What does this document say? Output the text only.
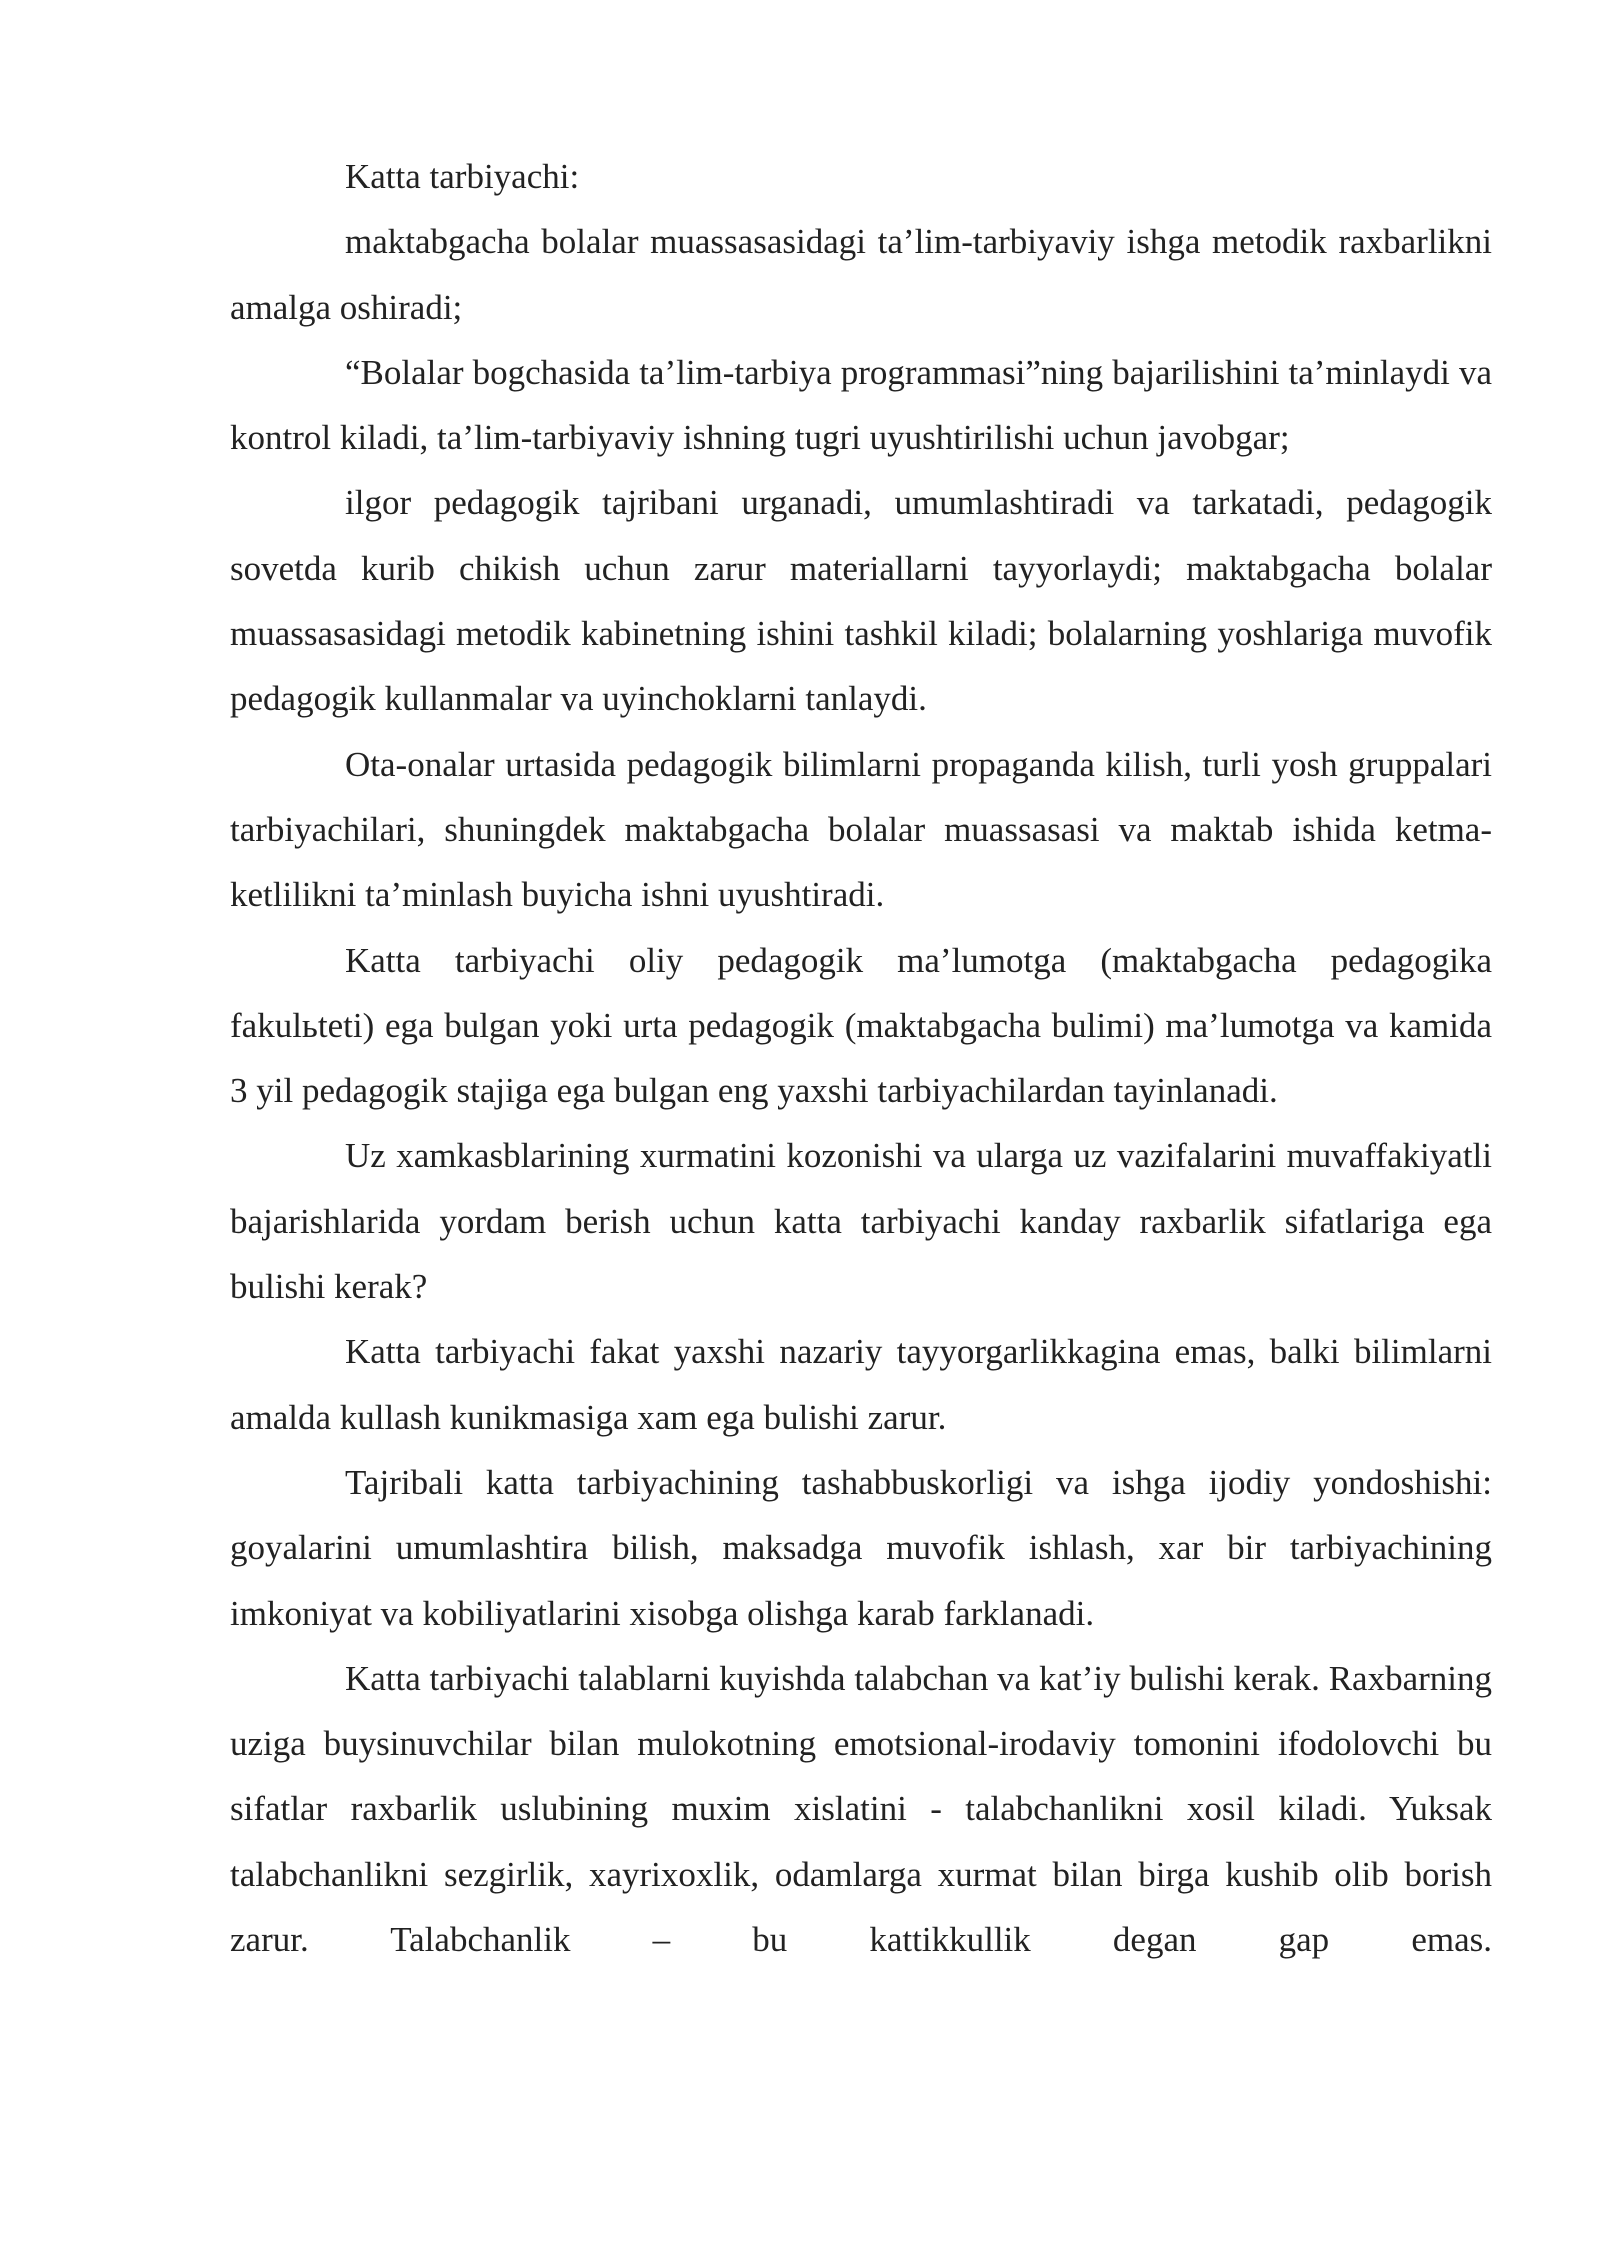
Katta tarbiyachi:

maktabgacha bolalar muassasasidagi ta’lim-tarbiyaviy ishga metodik raxbarlikni amalga oshiradi;

“Bolalar bogchasida ta’lim-tarbiya programmasi”ning bajarilishini ta’minlaydi va kontrol kiladi, ta’lim-tarbiyaviy ishning tugri uyushtirilishi uchun javobgar;

ilgor pedagogik tajribani urganadi, umumlashtiradi va tarkatadi, pedagogik sovetda kurib chikish uchun zarur materiallarni tayyorlaydi; maktabgacha bolalar muassasasidagi metodik kabinetning ishini tashkil kiladi; bolalarning yoshlariga muvofik pedagogik kullanmalar va uyinchoklarni tanlaydi.

Ota-onalar urtasida pedagogik bilimlarni propaganda kilish, turli yosh gruppalari tarbiyachilari, shuningdek maktabgacha bolalar muassasasi va maktab ishida ketma-ketlilikni ta’minlash buyicha ishni uyushtiradi.

Katta tarbiyachi oliy pedagogik ma’lumotga (maktabgacha pedagogika fakulьteti) ega bulgan yoki urta pedagogik (maktabgacha bulimi) ma’lumotga va kamida 3 yil pedagogik stajiga ega bulgan eng yaxshi tarbiyachilardan tayinlanadi.

Uz xamkasblarining xurmatini kozonishi va ularga uz vazifalarini muvaffakiyatli bajarishlarida yordam berish uchun katta tarbiyachi kanday raxbarlik sifatlariga ega bulishi kerak?

Katta tarbiyachi fakat yaxshi nazariy tayyorgarlikkagina emas, balki bilimlarni amalda kullash kunikmasiga xam ega bulishi zarur.

Tajribali katta tarbiyachining tashabbuskorligi va ishga ijodiy yondoshishi: goyalarini umumlashtira bilish, maksadga muvofik ishlash, xar bir tarbiyachining imkoniyat va kobiliyatlarini xisobga olishga karab farklanadi.

Katta tarbiyachi talablarni kuyishda talabchan va kat’iy bulishi kerak. Raxbarning uziga buysinuvchilar bilan mulokotning emotsional-irodaviy tomonini ifodolovchi bu sifatlar raxbarlik uslubining muxim xislatini - talabchanlikni xosil kiladi. Yuksak talabchanlikni sezgirlik, xayrixoxlik, odamlarga xurmat bilan birga kushib olib borish zarur. Talabchanlik – bu kattikkullik degan gap emas.
